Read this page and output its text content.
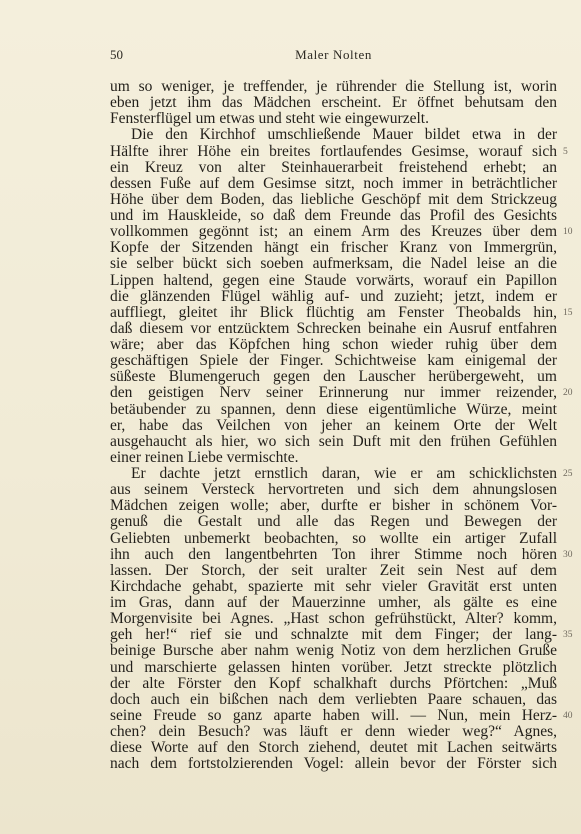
50	Maler Nolten
um so weniger, je treffender, je rührender die Stellung ist, worin
eben jetzt ihm das Mädchen erscheint. Er öffnet behutsam den
Fensterflügel um etwas und steht wie eingewurzelt.
Die den Kirchhof umschließende Mauer bildet etwa in der
Hälfte ihrer Höhe ein breites fortlaufendes Gesimse, worauf sich 5
ein Kreuz von alter Steinhauerarbeit freistehend erhebt; an
dessen Fuße auf dem Gesimse sitzt, noch immer in beträchtlicher
Höhe über dem Boden, das liebliche Geschöpf mit dem Strickzeug
und im Hauskleide, so daß dem Freunde das Profil des Gesichts
vollkommen gegönnt ist; an einem Arm des Kreuzes über dem 10
Kopfe der Sitzenden hängt ein frischer Kranz von Immergrün,
sie selber bückt sich soeben aufmerksam, die Nadel leise an die
Lippen haltend, gegen eine Staude vorwärts, worauf ein Papillon
die glänzenden Flügel wählig auf- und zuzieht; jetzt, indem er
auffliegt, gleitet ihr Blick flüchtig am Fenster Theobalds hin, 15
daß diesem vor entzücktem Schrecken beinahe ein Ausruf entfahren
wäre; aber das Köpfchen hing schon wieder ruhig über dem
geschäftigen Spiele der Finger. Schichtweise kam einigemal der
süßeste Blumengeruch gegen den Lauscher herübergeweht, um
den geistigen Nerv seiner Erinnerung nur immer reizender, 20
betäubender zu spannen, denn diese eigentümliche Würze, meint
er, habe das Veilchen von jeher an keinem Orte der Welt
ausgehaucht als hier, wo sich sein Duft mit den frühen Gefühlen
einer reinen Liebe vermischte.
Er dachte jetzt ernstlich daran, wie er am schicklichsten 25
aus seinem Versteck hervortreten und sich dem ahnungslosen
Mädchen zeigen wolle; aber, durfte er bisher in schönem Vor-
genuß die Gestalt und alle das Regen und Bewegen der
Geliebten unbemerkt beobachten, so wollte ein artiger Zufall
ihn auch den langentbehrten Ton ihrer Stimme noch hören 30
lassen. Der Storch, der seit uralter Zeit sein Nest auf dem
Kirchdache gehabt, spazierte mit sehr vieler Gravität erst unten
im Gras, dann auf der Mauerzinne umher, als gälte es eine
Morgenvisite bei Agnes. „Hast schon gefrühstückt, Alter? komm,
geh her!“ rief sie und schnalzte mit dem Finger; der lang- 35
beinige Bursche aber nahm wenig Notiz von dem herzlichen Gruße
und marschierte gelassen hinten vorüber. Jetzt streckte plötzlich
der alte Förster den Kopf schalkhaft durchs Pförtchen: „Muß
doch auch ein bißchen nach dem verliebten Paare schauen, das
seine Freude so ganz aparte haben will. — Nun, mein Herz- 40
chen? dein Besuch? was läuft er denn wieder weg?“ Agnes,
diese Worte auf den Storch ziehend, deutet mit Lachen seitwärts
nach dem fortstolzierenden Vogel: allein bevor der Förster sich
